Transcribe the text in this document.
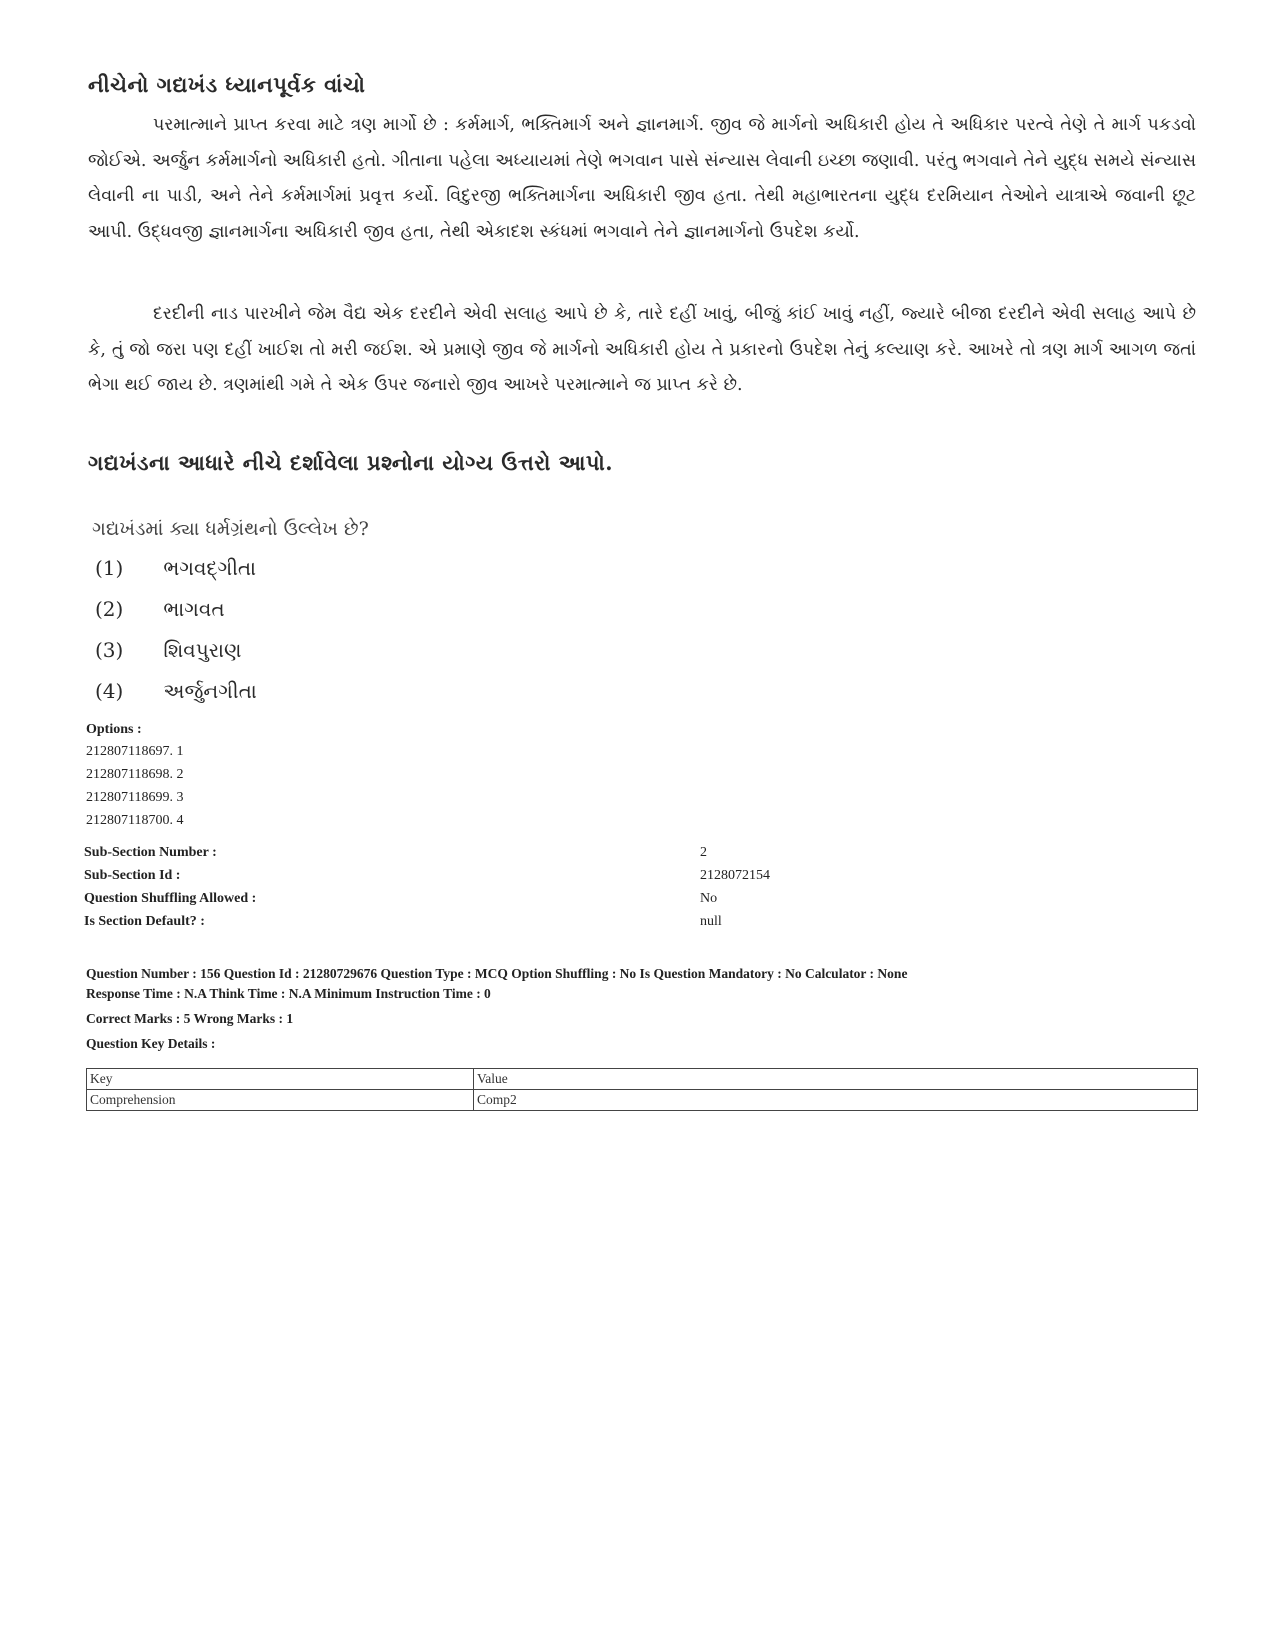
નીચેનો ગદ્યખંડ ધ્યાનપૂર્વક વાંચો
પરમાત્માને પ્રાપ્ત કરવા માટે ત્રણ માર્ગો છે : કર્મમાર્ગ, ભક્તિમાર્ગ અને જ્ઞાનમાર્ગ. જીવ જે માર્ગનો અધિકારી હોય તે અધિકાર પરત્વે તેણે તે માર્ગ પકડવો જોઈએ. અર્જુન કર્મમાર્ગનો અધિકારી હતો. ગીતાના પહેલા અધ્યાયમાં તેણે ભગવાન પાસે સંન્યાસ લેવાની ઇચ્છા જણાવી. પરંતુ ભગવાને તેને યુદ્ધ સમયે સંન્યાસ લેવાની ના પાડી, અને તેને કર્મમાર્ગમાં પ્રવૃત્ત કર્યો. વિદુરજી ભક્તિમાર્ગના અધિકારી જીવ હતા. તેથી મહાભારતના યુદ્ધ દરમિયાન તેઓને યાત્રાએ જવાની છૂટ આપી. ઉદ્ધવજી જ્ઞાનમાર્ગના અધિકારી જીવ હતા, તેથી એકાદશ સ્કંધમાં ભગવાને તેને જ્ઞાનમાર્ગનો ઉપદેશ કર્યો.
દરદીની નાડ પારખીને જેમ વૈદ્ય એક દરદીને એવી સલાહ આપે છે કે, તારે દહીં ખાવું, બીજું કાંઈ ખાવું નહીં, જ્યારે બીજા દરદીને એવી સલાહ આપે છે કે, તું જો જરા પણ દહીં ખાઈશ તો મરી જઈશ. એ પ્રમાણે જીવ જે માર્ગનો અધિકારી હોય તે પ્રકારનો ઉપદેશ તેનું કલ્યાણ કરે. આખરે તો ત્રણ માર્ગ આગળ જતાં ભેગા થઈ જાય છે. ત્રણમાંથી ગમે તે એક ઉપર જનારો જીવ આખરે પરમાત્માને જ પ્રાપ્ત કરે છે.
ગદ્યખંડના આધારે નીચે દર્શાવેલા પ્રશ્નોના યોગ્ય ઉત્તરો આપો.
ગદ્યખંડમાં ક્યા ધર્મગ્રંથનો ઉલ્લેખ છે?
(1) ભગવદ્ગીતા
(2) ભાગવત
(3) શિવપુરાણ
(4) અર્જુનગીતા
Options :
212807118697. 1
212807118698. 2
212807118699. 3
212807118700. 4
Sub-Section Number :	2
Sub-Section Id :	2128072154
Question Shuffling Allowed :	No
Is Section Default? :	null
Question Number : 156 Question Id : 21280729676 Question Type : MCQ Option Shuffling : No Is Question Mandatory : No Calculator : None
Response Time : N.A Think Time : N.A Minimum Instruction Time : 0
Correct Marks : 5 Wrong Marks : 1
Question Key Details :
Key	Value
Comprehension	Comp2
